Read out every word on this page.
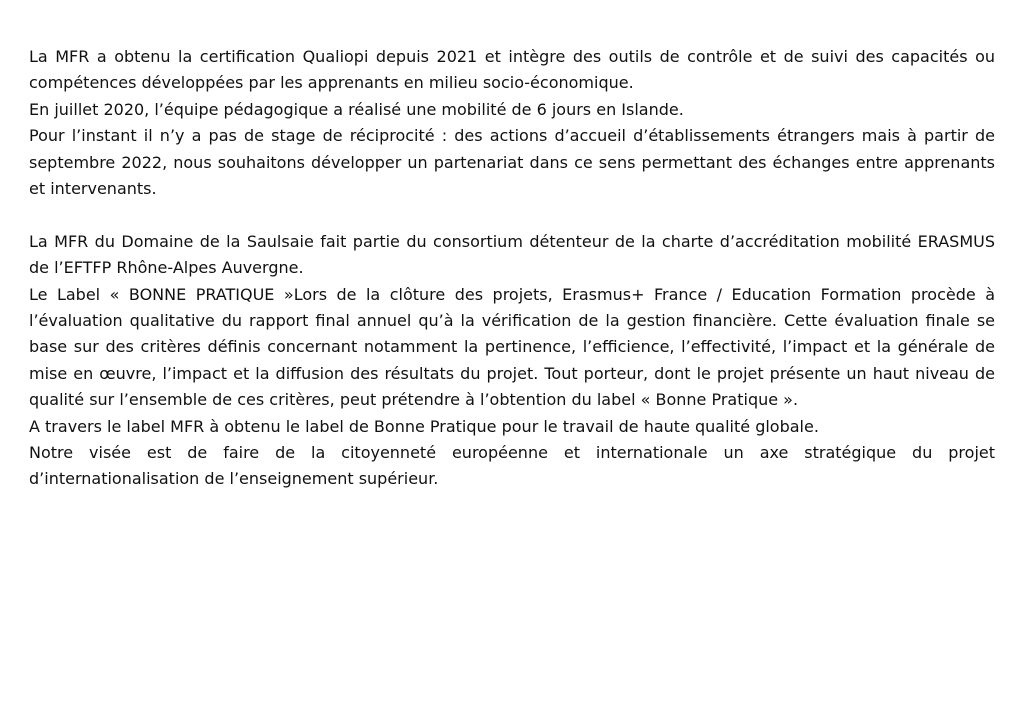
La MFR a obtenu la certification Qualiopi depuis 2021 et intègre des outils de contrôle et de suivi des capacités ou compétences développées par les apprenants en milieu socio-économique.

En juillet 2020, l’équipe pédagogique a réalisé une mobilité de 6 jours en Islande.

Pour l’instant il n’y a pas de stage de réciprocité : des actions d’accueil d’établissements étrangers mais à partir de septembre 2022, nous souhaitons développer un partenariat dans ce sens permettant des échanges entre apprenants et intervenants.

La MFR du Domaine de la Saulsaie fait partie du consortium détenteur de la charte d’accréditation mobilité ERASMUS de l’EFTFP Rhône-Alpes Auvergne.

Le Label « BONNE PRATIQUE »Lors de la clôture des projets, Erasmus+ France / Education Formation procède à l’évaluation qualitative du rapport final annuel qu’à la vérification de la gestion financière. Cette évaluation finale se base sur des critères définis concernant notamment la pertinence, l’efficience, l’effectivité, l’impact et la générale de mise en œuvre, l’impact et la diffusion des résultats du projet. Tout porteur, dont le projet présente un haut niveau de qualité sur l’ensemble de ces critères, peut prétendre à l’obtention du label « Bonne Pratique ».

A travers le label MFR à obtenu le label de Bonne Pratique pour le travail de haute qualité globale.

Notre visée est de faire de la citoyenneté européenne et internationale un axe stratégique du projet d’internationalisation de l’enseignement supérieur.
